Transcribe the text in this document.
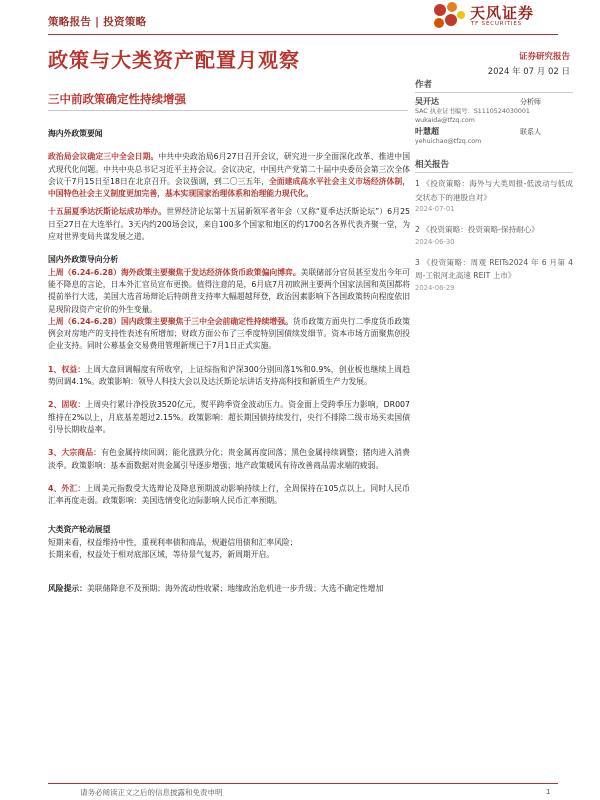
策略报告 | 投资策略	天风证券
TF SECURITIES
政策与大类资产配置月观察	证券研究报告
2024 年 07 月 02 日
三中前政策确定性持续增强

海内外政策要闻

政治局会议确定三中全会日期。中共中央政治局6月27日召开会议，研究进一步全面深化改革、推进中国式现代化问题。中共中央总书记习近平主持会议。会议决定，中国共产党第二十届中央委员会第三次全体会议于7月15日至18日在北京召开。会议强调，到二〇三五年，全面建成高水平社会主义市场经济体制，中国特色社会主义制度更加完善，基本实现国家治理体系和治理能力现代化。

十五届夏季达沃斯论坛成功举办。世界经济论坛第十五届新领军者年会（又称“夏季达沃斯论坛”）6月25日至27日在大连举行。3天内约200场会议，来自100多个国家和地区的约1700名各界代表齐聚一堂，为应对世界变局共谋发展之道。

国内外政策导向分析

上周（6.24-6.28）海外政策主要聚焦于发达经济体货币政策偏向博弈。美联储部分官员甚至发出今年可能不降息的言论，日本外汇官员宣布更换。值得注意的是，6月底7月初欧洲主要两个国家法国和英国都将提前举行大选，美国大选首场辩论后特朗普支持率大幅超越拜登，政治因素影响下各国政策转向程度依旧是现阶段资产定价的外生变量。

上周（6.24-6.28）国内政策主要聚焦于三中全会前确定性持续增强。货币政策方面央行二季度货币政策例会对房地产的支持性表述有所增加；财政方面公布了三季度特别国债续发细节。资本市场方面聚焦创投企业支持。同时公募基金交易费用管理新规已于7月1日正式实施。

1、权益：上周大盘回调幅度有所收窄，上证综指和沪深300分别回落1%和0.9%，创业板也继续上周趋势回调4.1%。政策影响：领导人科技大会以及达沃斯论坛讲话支持高科技和新质生产力发展。

2、固收：上周央行累计净投放3520亿元，熨平跨季资金波动压力。资金面上受跨季压力影响，DR007维持在2%以上，月底基差超过2.15%。政策影响：超长期国债持续发行，央行不排除二级市场买卖国债引导长期收益率。

3、大宗商品：有色金属持续回调；能化涨跌分化；贵金属再度回落；黑色金属持续调整；猪肉进入消费淡季。政策影响：基本面数据对贵金属引导逐步增强；地产政策暖风有待改善商品需求端的疲弱。

4、外汇：上周美元指数受大选辩论及降息预期波动影响持续上行，全周保持在105点以上。同时人民币汇率再度走弱。政策影响：美国选情变化边际影响人民币汇率预期。

大类资产轮动展望

短期来看，权益维持中性，重视利率债和商品，规避信用债和汇率风险；

长期来看，权益处于相对底部区域，等待景气复苏，新周期开启。

风险提示： 美联储降息不及预期；海外流动性收紧；地缘政治危机进一步升级；大选不确定性增加
作者
吴开达	分析师
SAC 执业证书编号：S1110524030001
wukaida@tfzq.com
叶慧超	联系人
yehuichao@tfzq.com
相关报告
1 《投资策略：海外与大类周报-低波动与低成交状态下的港股自对》
2024-07-01
2 《投资策略：投资策略-保持耐心》
2024-06-30
3 《投资策略：周观 REITs2024 年 6 月第 4 周-工银河北高速 REIT 上市》
2024-06-29
请务必阅读正文之后的信息披露和免责申明	1
